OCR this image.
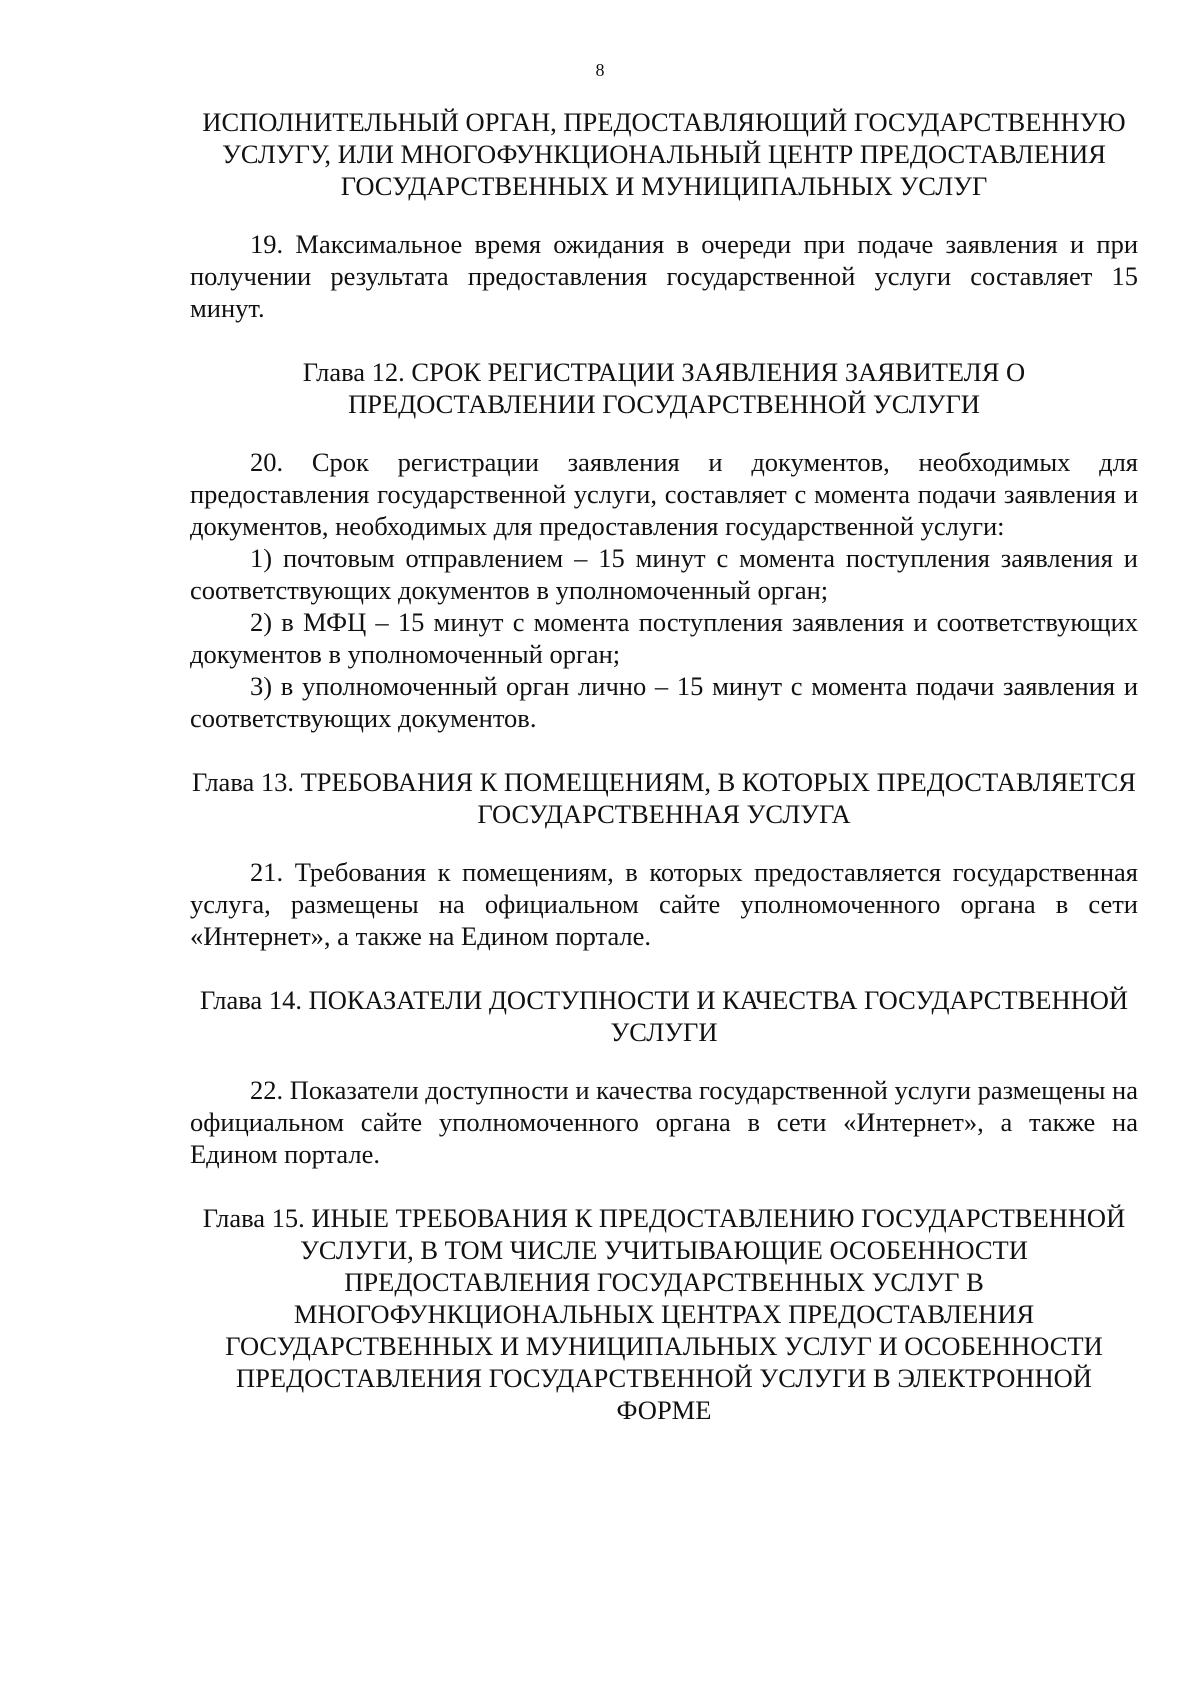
8
ИСПОЛНИТЕЛЬНЫЙ ОРГАН, ПРЕДОСТАВЛЯЮЩИЙ ГОСУДАРСТВЕННУЮ УСЛУГУ, ИЛИ МНОГОФУНКЦИОНАЛЬНЫЙ ЦЕНТР ПРЕДОСТАВЛЕНИЯ ГОСУДАРСТВЕННЫХ И МУНИЦИПАЛЬНЫХ УСЛУГ

19. Максимальное время ожидания в очереди при подаче заявления и при получении результата предоставления государственной услуги составляет 15 минут.

Глава 12. СРОК РЕГИСТРАЦИИ ЗАЯВЛЕНИЯ ЗАЯВИТЕЛЯ О ПРЕДОСТАВЛЕНИИ ГОСУДАРСТВЕННОЙ УСЛУГИ

20. Срок регистрации заявления и документов, необходимых для предоставления государственной услуги, составляет с момента подачи заявления и документов, необходимых для предоставления государственной услуги:

1) почтовым отправлением – 15 минут с момента поступления заявления и соответствующих документов в уполномоченный орган;

2) в МФЦ – 15 минут с момента поступления заявления и соответствующих документов в уполномоченный орган;

3) в уполномоченный орган лично – 15 минут с момента подачи заявления и соответствующих документов.

Глава 13. ТРЕБОВАНИЯ К ПОМЕЩЕНИЯМ, В КОТОРЫХ ПРЕДОСТАВЛЯЕТСЯ ГОСУДАРСТВЕННАЯ УСЛУГА

21. Требования к помещениям, в которых предоставляется государственная услуга, размещены на официальном сайте уполномоченного органа в сети «Интернет», а также на Едином портале.

Глава 14. ПОКАЗАТЕЛИ ДОСТУПНОСТИ И КАЧЕСТВА ГОСУДАРСТВЕННОЙ УСЛУГИ

22. Показатели доступности и качества государственной услуги размещены на официальном сайте уполномоченного органа в сети «Интернет», а также на Едином портале.

Глава 15. ИНЫЕ ТРЕБОВАНИЯ К ПРЕДОСТАВЛЕНИЮ ГОСУДАРСТВЕННОЙ УСЛУГИ, В ТОМ ЧИСЛЕ УЧИТЫВАЮЩИЕ ОСОБЕННОСТИ ПРЕДОСТАВЛЕНИЯ ГОСУДАРСТВЕННЫХ УСЛУГ В МНОГОФУНКЦИОНАЛЬНЫХ ЦЕНТРАХ ПРЕДОСТАВЛЕНИЯ ГОСУДАРСТВЕННЫХ И МУНИЦИПАЛЬНЫХ УСЛУГ И ОСОБЕННОСТИ ПРЕДОСТАВЛЕНИЯ ГОСУДАРСТВЕННОЙ УСЛУГИ В ЭЛЕКТРОННОЙ ФОРМЕ
